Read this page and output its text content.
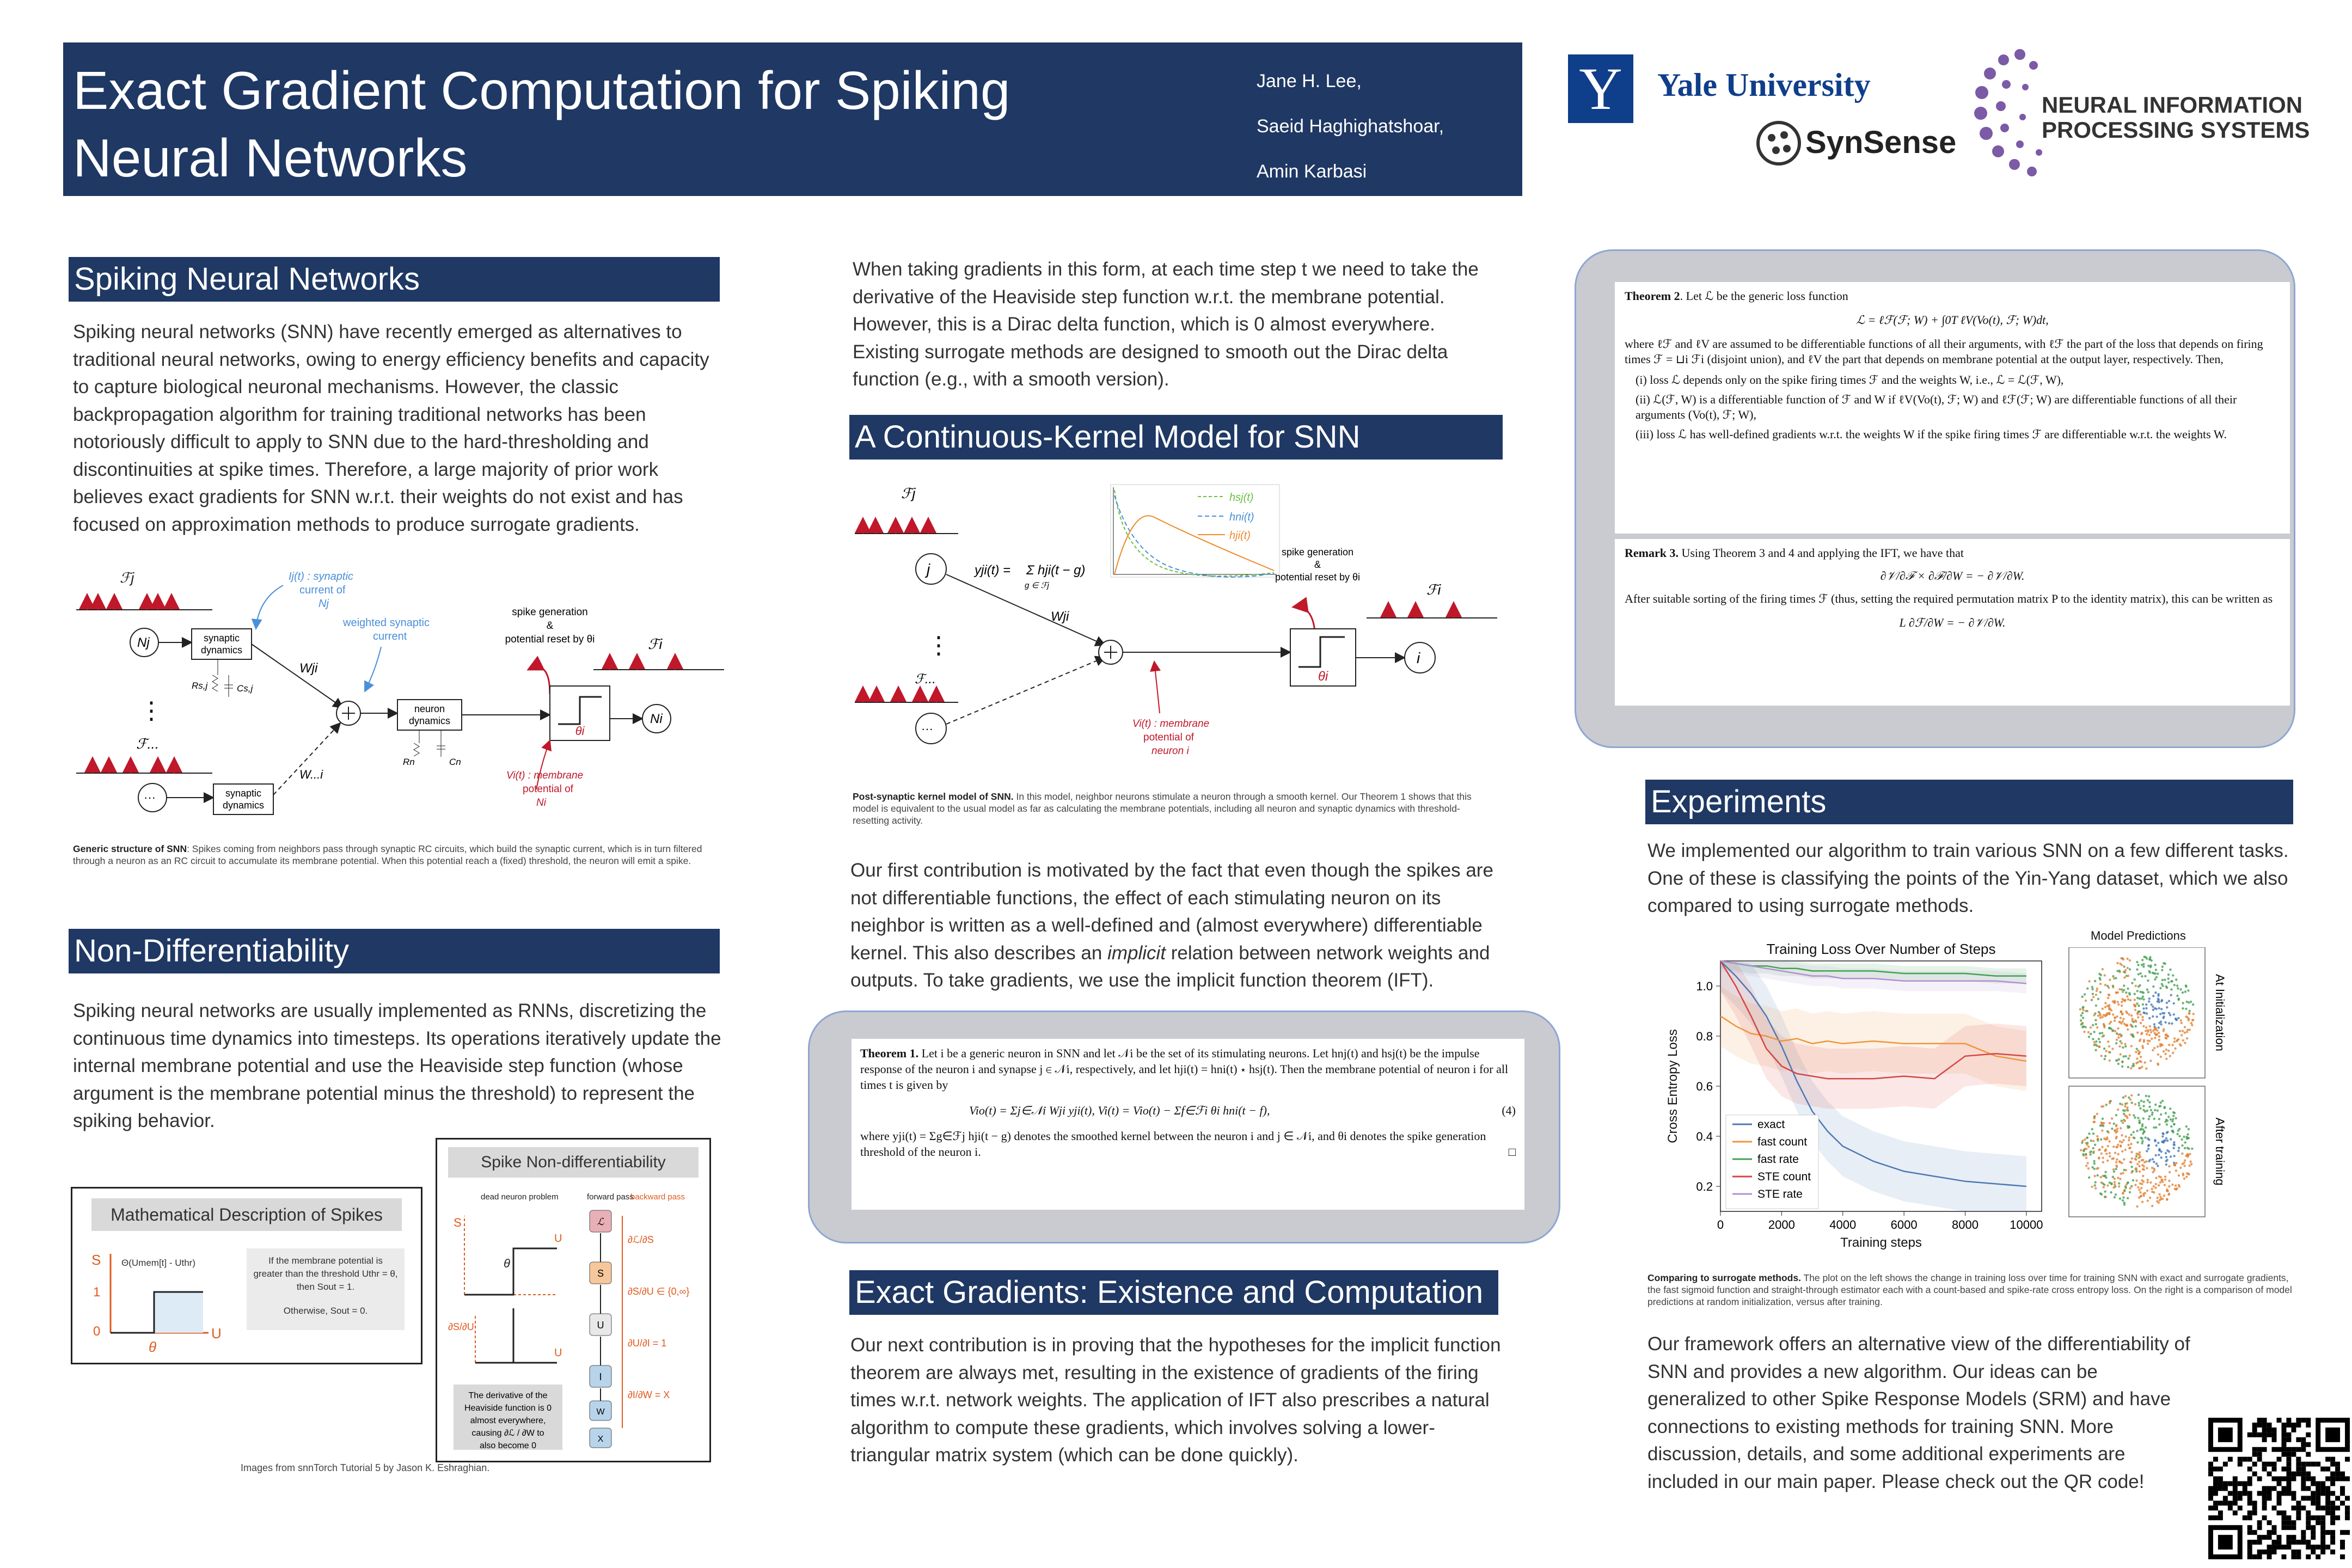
Exact Gradient Computation for Spiking
Neural Networks
Jane H. Lee,
Saeid Haghighatshoar,
Amin Karbasi
Y	Yale University
SynSense
NEURAL INFORMATION
PROCESSING SYSTEMS
Spiking Neural Networks
Spiking neural networks (SNN) have recently emerged as alternatives to traditional neural networks, owing to energy efficiency benefits and capacity to capture biological neuronal mechanisms. However, the classic backpropagation algorithm for training traditional networks has been notoriously difficult to apply to SNN due to the hard-thresholding and discontinuities at spike times. Therefore, a large majority of prior work believes exact gradients for SNN w.r.t. their weights do not exist and has focused on approximation methods to produce surrogate gradients.
ℱj
Nj	synaptic
dynamics
Rs,j	Cs,j
Ij(t) : synaptic
current of
Nj
weighted synaptic
current
Wji
neuron
dynamics
Rn	Cn
spike generation
&
potential reset by θi
θi
Ni
ℱi
Vi(t) : membrane
potential of
Ni
⋮
ℱ...
···	synaptic
dynamics
W...i
Generic structure of SNN: Spikes coming from neighbors pass through synaptic RC circuits, which build the synaptic current, which is in turn filtered through a neuron as an RC circuit to accumulate its membrane potential. When this potential reach a (fixed) threshold, the neuron will emit a spike.
Non-Differentiability
Spiking neural networks are usually implemented as RNNs, discretizing the continuous time dynamics into timesteps. Its operations iteratively update the internal membrane potential and use the Heaviside step function (whose argument is the membrane potential minus the threshold) to represent the spiking behavior.
Mathematical Description of Spikes
S
1
0	U
θ
Θ(Umem[t] - Uthr)	If the membrane potential is
greater than the threshold Uthr = θ,
then Sout = 1.
Otherwise, Sout = 0.
Spike Non-differentiability
dead neuron problem	forward pass
backward pass
S
U
θ
∂S/∂U
U
The derivative of the
Heaviside function is 0
almost everywhere,
causing ∂ℒ / ∂W to
also become 0
ℒ
S
U
I
W
X
∂ℒ/∂S
∂S/∂U ∈ {0,∞}
∂U/∂I = 1
∂I/∂W = X
Images from snnTorch Tutorial 5 by Jason K. Eshraghian.
When taking gradients in this form, at each time step t we need to take the derivative of the Heaviside step function w.r.t. the membrane potential. However, this is a Dirac delta function, which is 0 almost everywhere. Existing surrogate methods are designed to smooth out the Dirac delta function (e.g., with a smooth version).
A Continuous-Kernel Model for SNN
ℱj
j	yji(t) = Σ hji(t − g)
g ∈ ℱj
Wji
⋮
ℱ...
···
hsj(t)
hni(t)
hji(t)
spike generation
&
potential reset by θi
θi
i
ℱi
Vi(t) : membrane
potential of
neuron i
Post-synaptic kernel model of SNN. In this model, neighbor neurons stimulate a neuron through a smooth kernel. Our Theorem 1 shows that this model is equivalent to the usual model as far as calculating the membrane potentials, including all neuron and synaptic dynamics with threshold-resetting activity.
Our first contribution is motivated by the fact that even though the spikes are not differentiable functions, the effect of each stimulating neuron on its neighbor is written as a well-defined and (almost everywhere) differentiable kernel. This also describes an implicit relation between network weights and outputs. To take gradients, we use the implicit function theorem (IFT).
Theorem 1. Let i be a generic neuron in SNN and let 𝒩i be the set of its stimulating neurons. Let hnj(t) and hsj(t) be the impulse response of the neuron i and synapse j ∈ 𝒩i, respectively, and let hji(t) = hni(t) ⋆ hsj(t). Then the membrane potential of neuron i for all times t is given by
Vio(t) = Σj∈𝒩i Wji yji(t), Vi(t) = Vio(t) − Σf∈ℱi θi hni(t − f),	(4)
where yji(t) = Σg∈ℱj hji(t − g) denotes the smoothed kernel between the neuron i and j ∈ 𝒩i, and θi denotes the spike generation threshold of the neuron i.	□
Exact Gradients: Existence and Computation
Our next contribution is in proving that the hypotheses for the implicit function theorem are always met, resulting in the existence of gradients of the firing times w.r.t. network weights. The application of IFT also prescribes a natural algorithm to compute these gradients, which involves solving a lower-triangular matrix system (which can be done quickly).
Theorem 2. Let ℒ be the generic loss function
ℒ = ℓℱ(ℱ; W) + ∫0T ℓV(Vo(t), ℱ; W)dt,
where ℓℱ and ℓV are assumed to be differentiable functions of all their arguments, with ℓℱ the part of the loss that depends on firing times ℱ = ⊔i ℱi (disjoint union), and ℓV the part that depends on membrane potential at the output layer, respectively. Then,
(i) loss ℒ depends only on the spike firing times ℱ and the weights W, i.e., ℒ = ℒ(ℱ, W),
(ii) ℒ(ℱ, W) is a differentiable function of ℱ and W if ℓV(Vo(t), ℱ; W) and ℓℱ(ℱ; W) are differentiable functions of all their arguments (Vo(t), ℱ; W),
(iii) loss ℒ has well-defined gradients w.r.t. the weights W if the spike firing times ℱ are differentiable w.r.t. the weights W.
Remark 3. Using Theorem 3 and 4 and applying the IFT, we have that
∂𝒱/∂ℱ × ∂ℱ/∂W = − ∂𝒱/∂W.
After suitable sorting of the firing times ℱ (thus, setting the required permutation matrix P to the identity matrix), this can be written as
L ∂ℱ/∂W = − ∂𝒱/∂W.
Experiments
We implemented our algorithm to train various SNN on a few different tasks. One of these is classifying the points of the Yin-Yang dataset, which we also compared to using surrogate methods.
Training Loss Over Number of Steps
0	2000	4000	6000	8000	10000
0.2
0.4
0.6
0.8
1.0
Training steps
Cross Entropy Loss	exact
fast count
fast rate
STE count
STE rate
Model Predictions
At Initialization
After training
Comparing to surrogate methods. The plot on the left shows the change in training loss over time for training SNN with exact and surrogate gradients, the fast sigmoid function and straight-through estimator each with a count-based and spike-rate cross entropy loss. On the right is a comparison of model predictions at random initialization, versus after training.
Our framework offers an alternative view of the differentiability of SNN and provides a new algorithm. Our ideas can be generalized to other Spike Response Models (SRM) and have connections to existing methods for training SNN. More discussion, details, and some additional experiments are included in our main paper. Please check out the QR code!
